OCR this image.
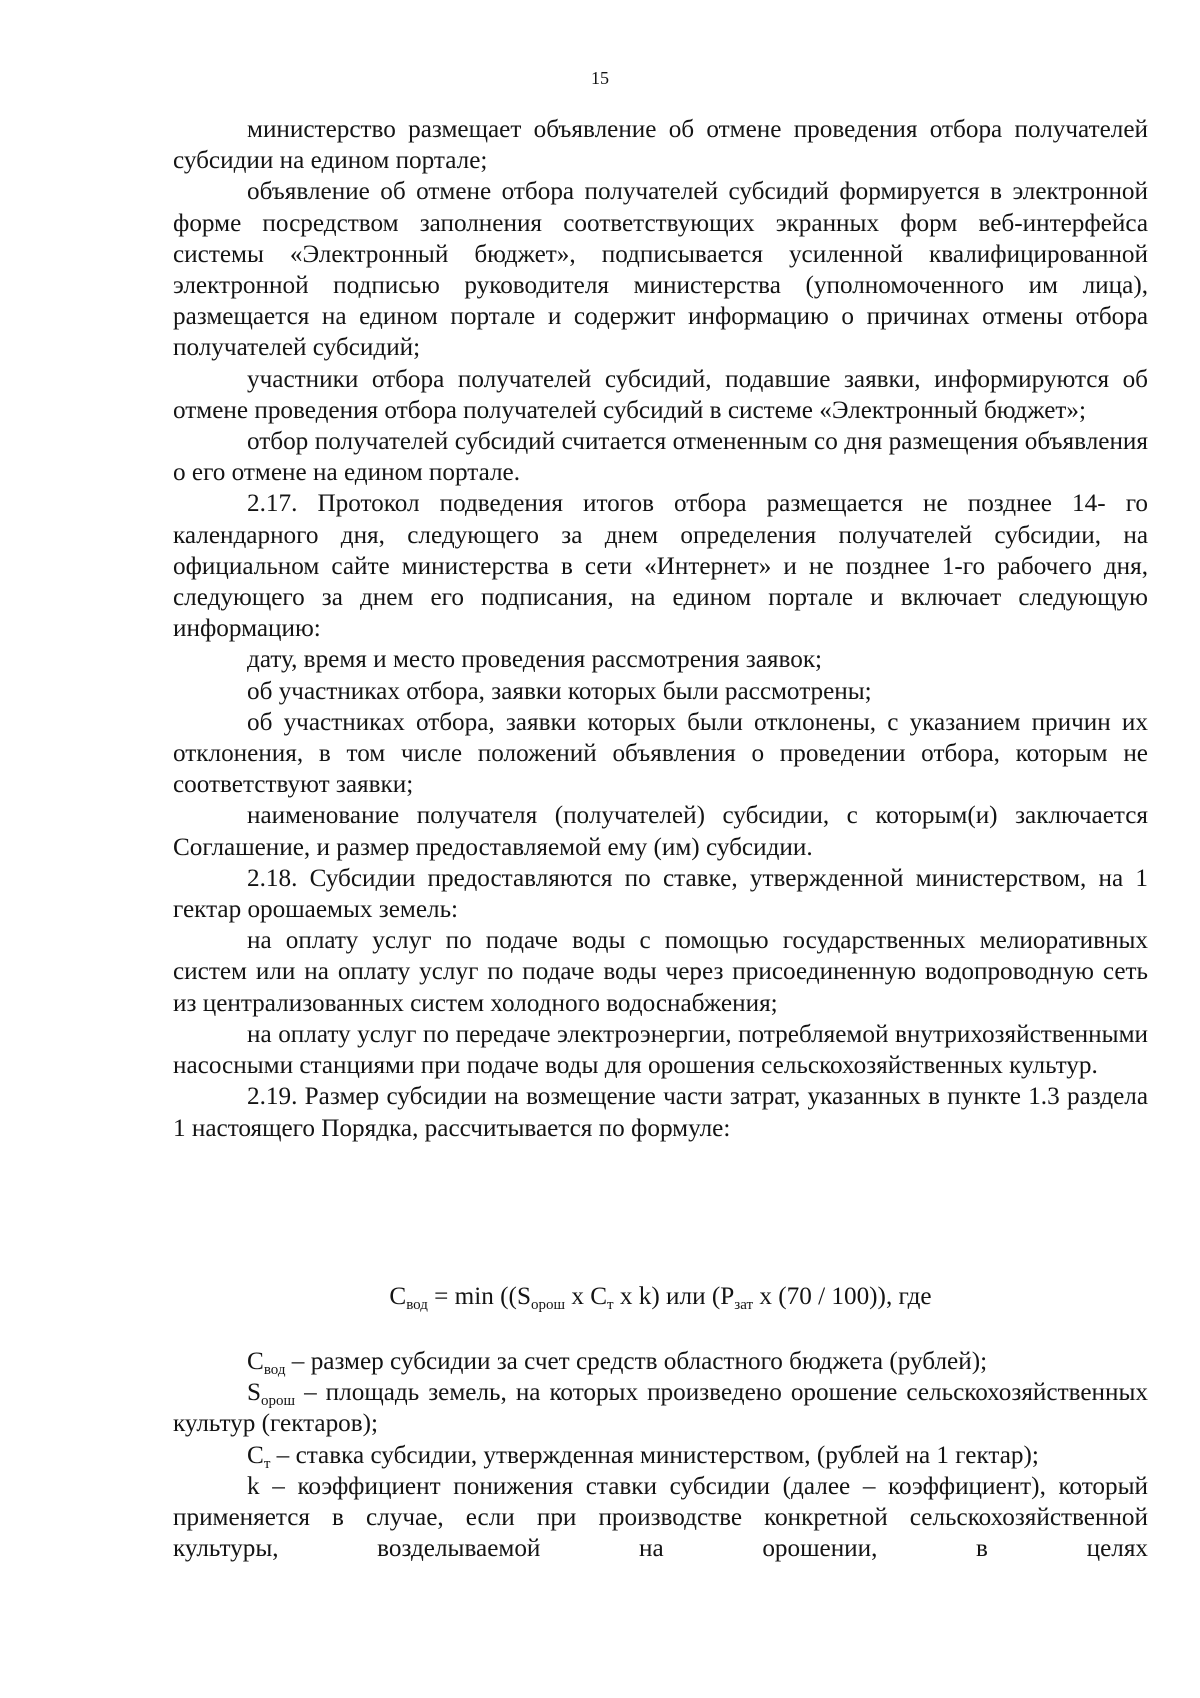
15

министерство размещает объявление об отмене проведения отбора получателей субсидии на едином портале;

объявление об отмене отбора получателей субсидий формируется в электронной форме посредством заполнения соответствующих экранных форм веб-интерфейса системы «Электронный бюджет», подписывается усиленной квалифицированной электронной подписью руководителя министерства (уполномоченного им лица), размещается на едином портале и содержит информацию о причинах отмены отбора получателей субсидий;

участники отбора получателей субсидий, подавшие заявки, информируются об отмене проведения отбора получателей субсидий в системе «Электронный бюджет»;

отбор получателей субсидий считается отмененным со дня размещения объявления о его отмене на едином портале.

2.17. Протокол подведения итогов отбора размещается не позднее 14- го календарного дня, следующего за днем определения получателей субсидии, на официальном сайте министерства в сети «Интернет» и не позднее 1-го рабочего дня, следующего за днем его подписания, на едином портале и включает следующую информацию:

дату, время и место проведения рассмотрения заявок;

об участниках отбора, заявки которых были рассмотрены;

об участниках отбора, заявки которых были отклонены, с указанием причин их отклонения, в том числе положений объявления о проведении отбора, которым не соответствуют заявки;

наименование получателя (получателей) субсидии, с которым(и) заключается Соглашение, и размер предоставляемой ему (им) субсидии.

2.18. Субсидии предоставляются по ставке, утвержденной министерством, на 1 гектар орошаемых земель:

на оплату услуг по подаче воды с помощью государственных мелиоративных систем или на оплату услуг по подаче воды через присоединенную водопроводную сеть из централизованных систем холодного водоснабжения;

на оплату услуг по передаче электроэнергии, потребляемой внутрихозяйственными насосными станциями при подаче воды для орошения сельскохозяйственных культур.

2.19. Размер субсидии на возмещение части затрат, указанных в пункте 1.3 раздела 1 настоящего Порядка, рассчитывается по формуле:

$С_{вод} = \min ((S_{орош}$ x $С_т$ x k) или ($Р_{зат}$ x (70 / 100)), где

$С_{вод}$ – размер субсидии за счет средств областного бюджета (рублей);

$S_{орош}$ – площадь земель, на которых произведено орошение сельскохозяйственных культур (гектаров);

$С_т$ – ставка субсидии, утвержденная министерством, (рублей на 1 гектар);

k – коэффициент понижения ставки субсидии (далее – коэффициент), который применяется в случае, если при производстве конкретной сельскохозяйственной культуры, возделываемой на орошении, в целях
